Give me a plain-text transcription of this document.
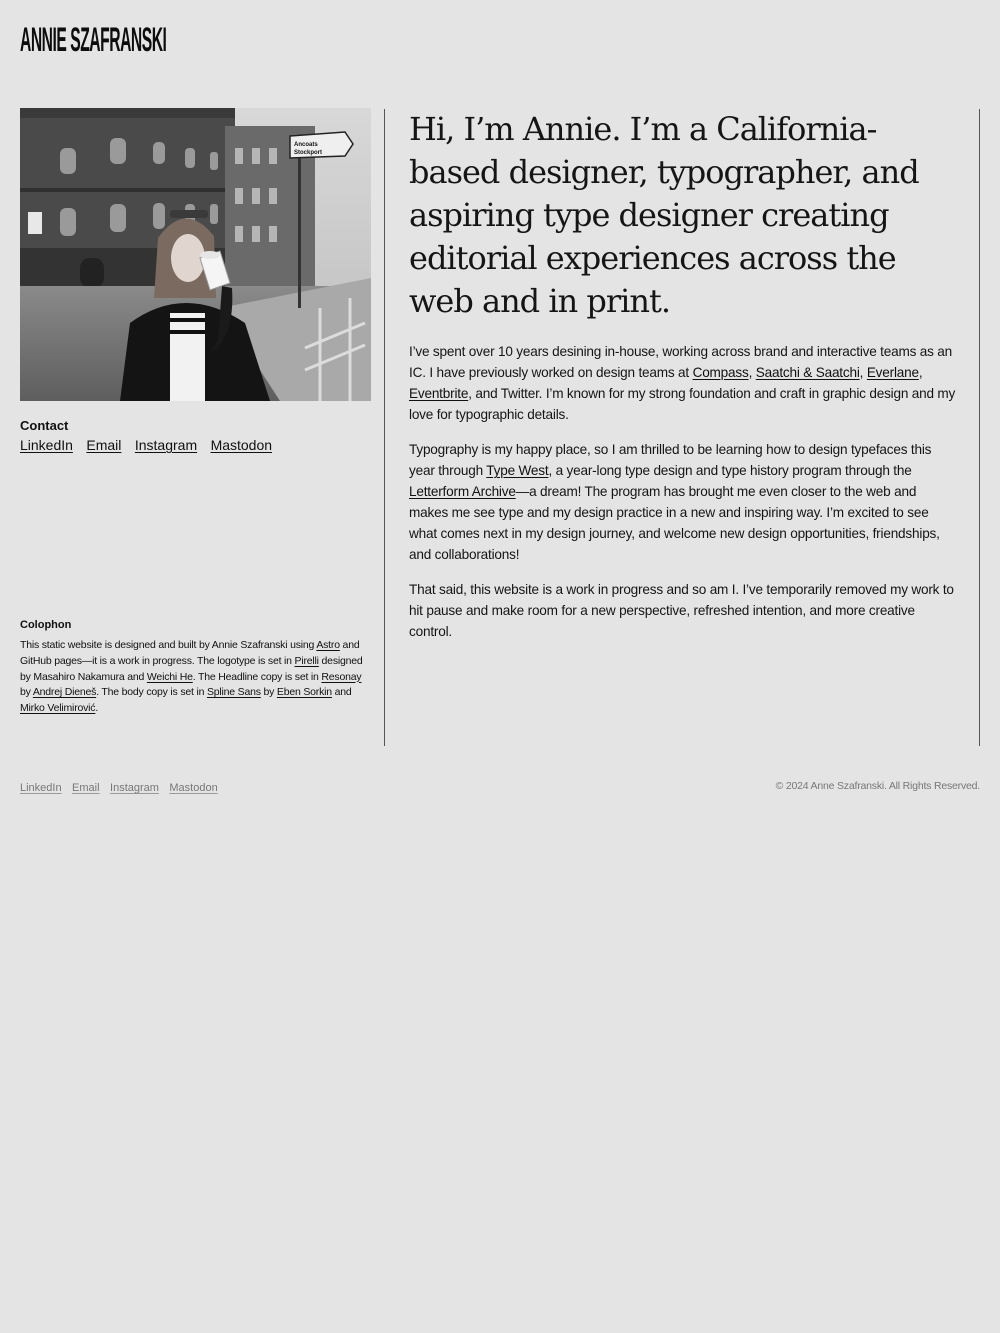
ANNIE SZAFRANSKI
Ancoats
Stockport
Contact
LinkedIn Email Instagram Mastodon
Colophon

This static website is designed and built by Annie Szafranski using Astro and GitHub pages—it is a work in progress. The logotype is set in Pirelli designed by Masahiro Nakamura and Weichi He. The Headline copy is set in Resonay by Andrej Dieneš. The body copy is set in Spline Sans by Eben Sorkin and Mirko Velimirović.

Hi, I’m Annie. I’m a California-based designer, typographer, and aspiring type designer creating editorial experiences across the web and in print.

I’ve spent over 10 years desining in-house, working across brand and interactive teams as an IC. I have previously worked on design teams at Compass, Saatchi & Saatchi, Everlane, Eventbrite, and Twitter. I’m known for my strong foundation and craft in graphic design and my love for typographic details.

Typography is my happy place, so I am thrilled to be learning how to design typefaces this year through Type West, a year-long type design and type history program through the Letterform Archive—a dream! The program has brought me even closer to the web and makes me see type and my design practice in a new and inspiring way. I’m excited to see what comes next in my design journey, and welcome new design opportunities, friendships, and collaborations!

That said, this website is a work in progress and so am I. I’ve temporarily removed my work to hit pause and make room for a new perspective, refreshed intention, and more creative control.

LinkedIn Email Instagram Mastodon	© 2024 Anne Szafranski. All Rights Reserved.
